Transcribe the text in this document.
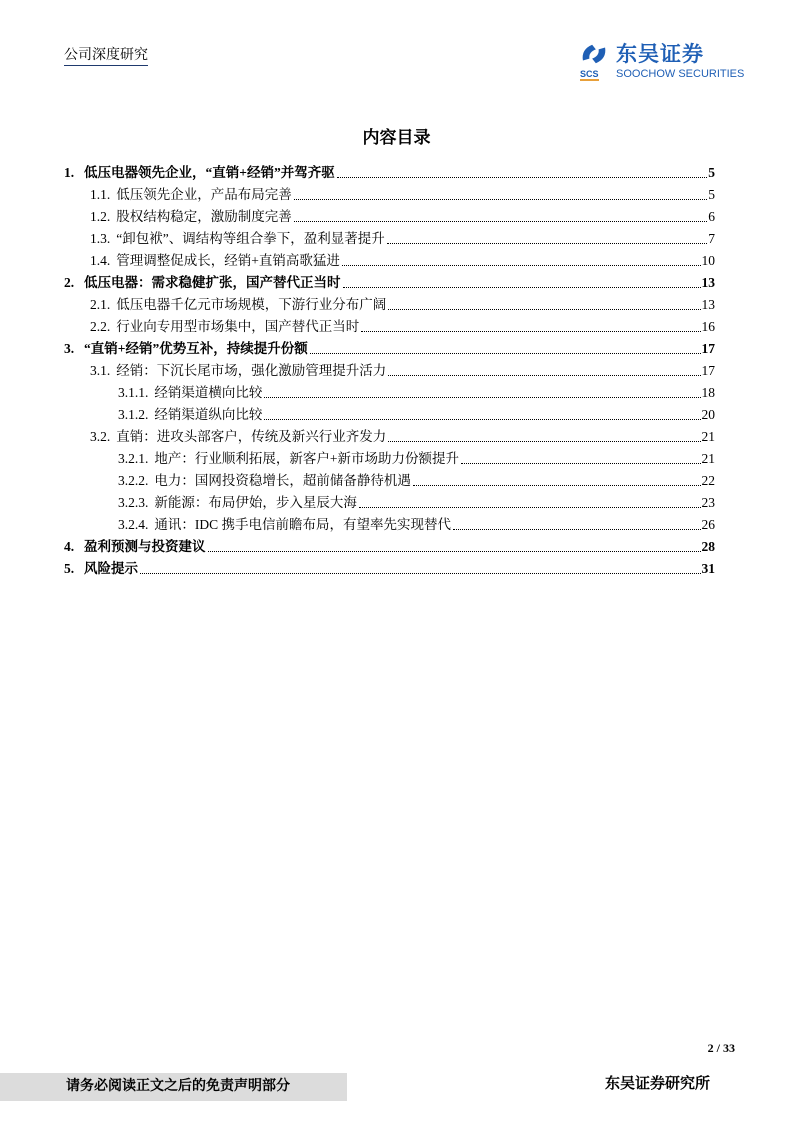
公司深度研究
SCS
东吴证券
SOOCHOW SECURITIES
内容目录
1. 低压电器领先企业，“直销+经销”并驾齐驱	5
1.1. 低压领先企业，产品布局完善	5
1.2. 股权结构稳定，激励制度完善	6
1.3. “卸包袱”、调结构等组合拳下，盈利显著提升	7
1.4. 管理调整促成长，经销+直销高歌猛进	10
2. 低压电器：需求稳健扩张，国产替代正当时	13
2.1. 低压电器千亿元市场规模，下游行业分布广阔	13
2.2. 行业向专用型市场集中，国产替代正当时	16
3. “直销+经销”优势互补，持续提升份额	17
3.1. 经销：下沉长尾市场，强化激励管理提升活力	17
3.1.1. 经销渠道横向比较	18
3.1.2. 经销渠道纵向比较	20
3.2. 直销：进攻头部客户，传统及新兴行业齐发力	21
3.2.1. 地产：行业顺利拓展，新客户+新市场助力份额提升	21
3.2.2. 电力：国网投资稳增长，超前储备静待机遇	22
3.2.3. 新能源：布局伊始，步入星辰大海	23
3.2.4. 通讯：IDC 携手电信前瞻布局，有望率先实现替代	26
4. 盈利预测与投资建议	28
5. 风险提示	31
2 / 33
请务必阅读正文之后的免责声明部分	东吴证券研究所
